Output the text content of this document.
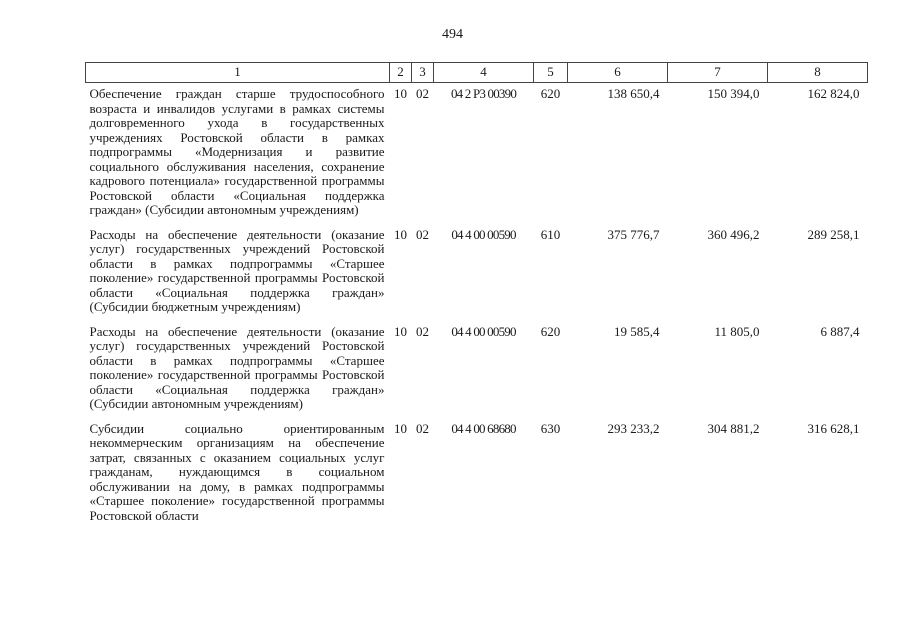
494
1	2	3	4	5	6	7	8
Обеспечение граждан старше трудоспособного возраста и инвалидов услугами в рамках системы долговременного ухода в государственных учреждениях Ростовской области в рамках подпрограммы «Модернизация и развитие социального обслуживания населения, сохранение кадрового потенциала» государственной программы Ростовской области «Социальная поддержка граждан» (Субсидии автономным учреждениям)	10	02	04 2 Р3 00390	620	138 650,4	150 394,0	162 824,0
Расходы на обеспечение деятельности (оказание услуг) государственных учреждений Ростовской области в рамках подпрограммы «Старшее поколение» государственной программы Ростовской области «Социальная поддержка граждан» (Субсидии бюджетным учреждениям)	10	02	04 4 00 00590	610	375 776,7	360 496,2	289 258,1
Расходы на обеспечение деятельности (оказание услуг) государственных учреждений Ростовской области в рамках подпрограммы «Старшее поколение» государственной программы Ростовской области «Социальная поддержка граждан» (Субсидии автономным учреждениям)	10	02	04 4 00 00590	620	19 585,4	11 805,0	6 887,4
Субсидии социально ориентированным некоммерческим организациям на обеспечение затрат, связанных с оказанием социальных услуг гражданам, нуждающимся в социальном обслуживании на дому, в рамках подпрограммы «Старшее поколение» государственной программы Ростовской области	10	02	04 4 00 68680	630	293 233,2	304 881,2	316 628,1
